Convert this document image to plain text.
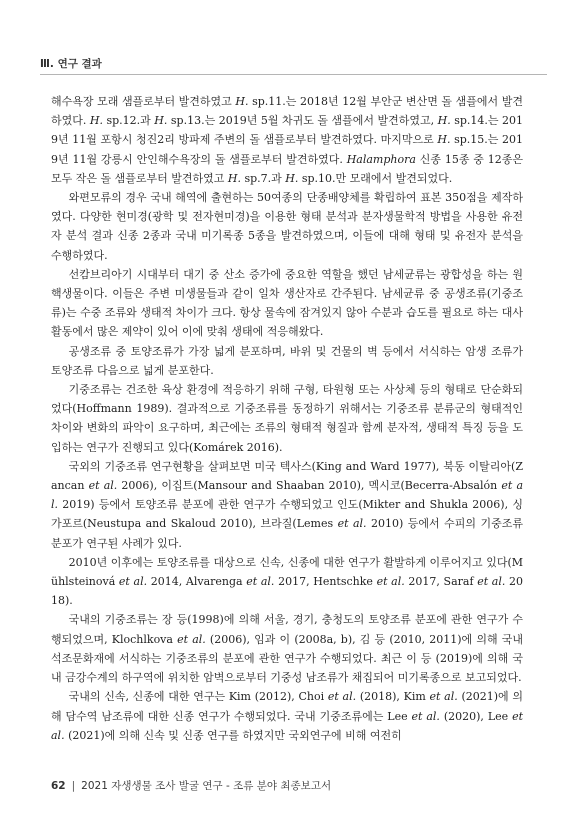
Ⅲ. 연구 결과

해수욕장 모래 샘플로부터 발견하였고 H. sp.11.는 2018년 12월 부안군 변산면 돌 샘플에서 발견하였다. H. sp.12.과 H. sp.13.는 2019년 5월 차귀도 돌 샘플에서 발견하였고, H. sp.14.는 2019년 11월 포항시 청진2리 방파제 주변의 돌 샘플로부터 발견하였다. 마지막으로 H. sp.15.는 2019년 11월 강릉시 안인해수욕장의 돌 샘플로부터 발견하였다. Halamphora 신종 15종 중 12종은 모두 작은 돌 샘플로부터 발견하였고 H. sp.7.과 H. sp.10.만 모래에서 발견되었다.

와편모류의 경우 국내 해역에 출현하는 50여종의 단종배양체를 확립하여 표본 350점을 제작하였다. 다양한 현미경(광학 및 전자현미경)을 이용한 형태 분석과 분자생물학적 방법을 사용한 유전자 분석 결과 신종 2종과 국내 미기록종 5종을 발견하였으며, 이들에 대해 형태 및 유전자 분석을 수행하였다.

선캄브리아기 시대부터 대기 중 산소 증가에 중요한 역할을 했던 남세균류는 광합성을 하는 원핵생물이다. 이들은 주변 미생물들과 같이 일차 생산자로 간주된다. 남세균류 중 공생조류(기중조류)는 수중 조류와 생태적 차이가 크다. 항상 물속에 잠겨있지 않아 수분과 습도를 필요로 하는 대사 활동에서 많은 제약이 있어 이에 맞춰 생태에 적응해왔다.

공생조류 중 토양조류가 가장 넓게 분포하며, 바위 및 건물의 벽 등에서 서식하는 암생 조류가 토양조류 다음으로 넓게 분포한다.

기중조류는 건조한 육상 환경에 적응하기 위해 구형, 타원형 또는 사상체 등의 형태로 단순화되었다(Hoffmann 1989). 결과적으로 기중조류를 동정하기 위해서는 기중조류 분류군의 형태적인 차이와 변화의 파악이 요구하며, 최근에는 조류의 형태적 형질과 함께 분자적, 생태적 특징 등을 도입하는 연구가 진행되고 있다(Komárek 2016).

국외의 기중조류 연구현황을 살펴보면 미국 텍사스(King and Ward 1977), 북동 이탈리아(Zancan et al. 2006), 이집트(Mansour and Shaaban 2010), 멕시코(Becerra-Absalón et al. 2019) 등에서 토양조류 분포에 관한 연구가 수행되었고 인도(Mikter and Shukla 2006), 싱가포르(Neustupa and Skaloud 2010), 브라질(Lemes et al. 2010) 등에서 수피의 기중조류 분포가 연구된 사례가 있다.

2010년 이후에는 토양조류를 대상으로 신속, 신종에 대한 연구가 활발하게 이루어지고 있다(Mühlsteinová et al. 2014, Alvarenga et al. 2017, Hentschke et al. 2017, Saraf et al. 2018).

국내의 기중조류는 장 등(1998)에 의해 서울, 경기, 충청도의 토양조류 분포에 관한 연구가 수행되었으며, Klochlkova et al. (2006), 임과 이 (2008a, b), 김 등 (2010, 2011)에 의해 국내 석조문화재에 서식하는 기중조류의 분포에 관한 연구가 수행되었다. 최근 이 등 (2019)에 의해 국내 금강수계의 하구역에 위치한 암벽으로부터 기중성 남조류가 채집되어 미기록종으로 보고되었다.

국내의 신속, 신종에 대한 연구는 Kim (2012), Choi et al. (2018), Kim et al. (2021)에 의해 담수역 남조류에 대한 신종 연구가 수행되었다. 국내 기중조류에는 Lee et al. (2020), Lee et al. (2021)에 의해 신속 및 신종 연구를 하였지만 국외연구에 비해 여전히

62 | 2021 자생생물 조사 발굴 연구 - 조류 분야 최종보고서
